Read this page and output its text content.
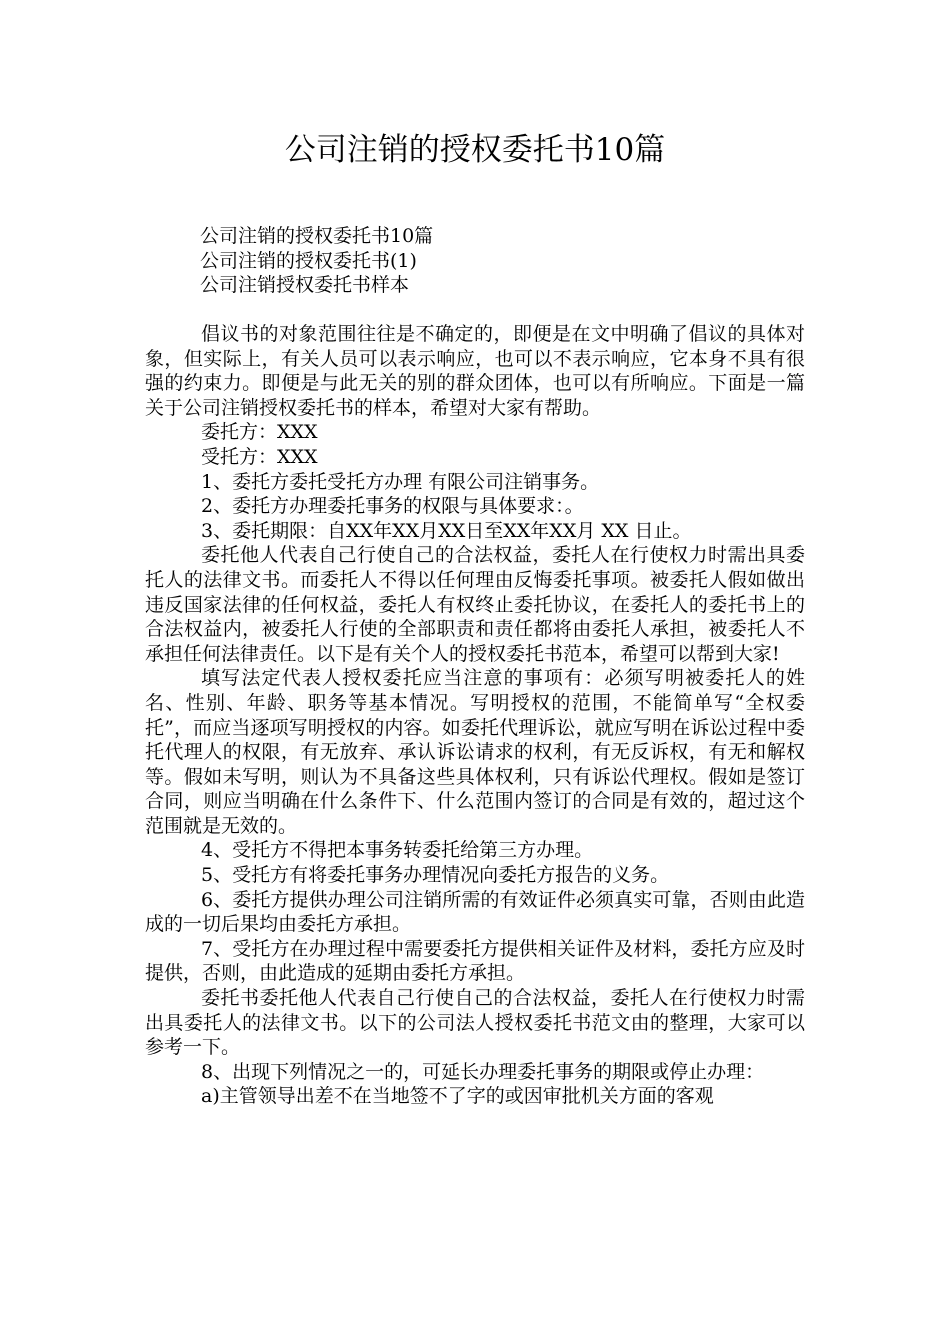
公司注销的授权委托书10篇

公司注销的授权委托书10篇

公司注销的授权委托书(1)

公司注销授权委托书样本

倡议书的对象范围往往是不确定的，即便是在文中明确了倡议的具体对象，但实际上，有关人员可以表示响应，也可以不表示响应，它本身不具有很强的约束力。即便是与此无关的别的群众团体，也可以有所响应。下面是一篇关于公司注销授权委托书的样本，希望对大家有帮助。

委托方：XXX

受托方：XXX

1、委托方委托受托方办理 有限公司注销事务。

2、委托方办理委托事务的权限与具体要求：。

3、委托期限：自XX年XX月XX日至XX年XX月 XX 日止。

委托他人代表自己行使自己的合法权益，委托人在行使权力时需出具委托人的法律文书。而委托人不得以任何理由反悔委托事项。被委托人假如做出违反国家法律的任何权益，委托人有权终止委托协议，在委托人的委托书上的合法权益内，被委托人行使的全部职责和责任都将由委托人承担，被委托人不承担任何法律责任。以下是有关个人的授权委托书范本，希望可以帮到大家!

填写法定代表人授权委托应当注意的事项有：必须写明被委托人的姓名、性别、年龄、职务等基本情况。写明授权的范围，不能简单写“全权委托”，而应当逐项写明授权的内容。如委托代理诉讼，就应写明在诉讼过程中委托代理人的权限，有无放弃、承认诉讼请求的权利，有无反诉权，有无和解权等。假如未写明，则认为不具备这些具体权利，只有诉讼代理权。假如是签订合同，则应当明确在什么条件下、什么范围内签订的合同是有效的，超过这个范围就是无效的。

4、受托方不得把本事务转委托给第三方办理。

5、受托方有将委托事务办理情况向委托方报告的义务。

6、委托方提供办理公司注销所需的有效证件必须真实可靠，否则由此造成的一切后果均由委托方承担。

7、受托方在办理过程中需要委托方提供相关证件及材料，委托方应及时提供，否则，由此造成的延期由委托方承担。

委托书委托他人代表自己行使自己的合法权益，委托人在行使权力时需出具委托人的法律文书。以下的公司法人授权委托书范文由的整理，大家可以参考一下。

8、出现下列情况之一的，可延长办理委托事务的期限或停止办理：

a)主管领导出差不在当地签不了字的或因审批机关方面的客观
